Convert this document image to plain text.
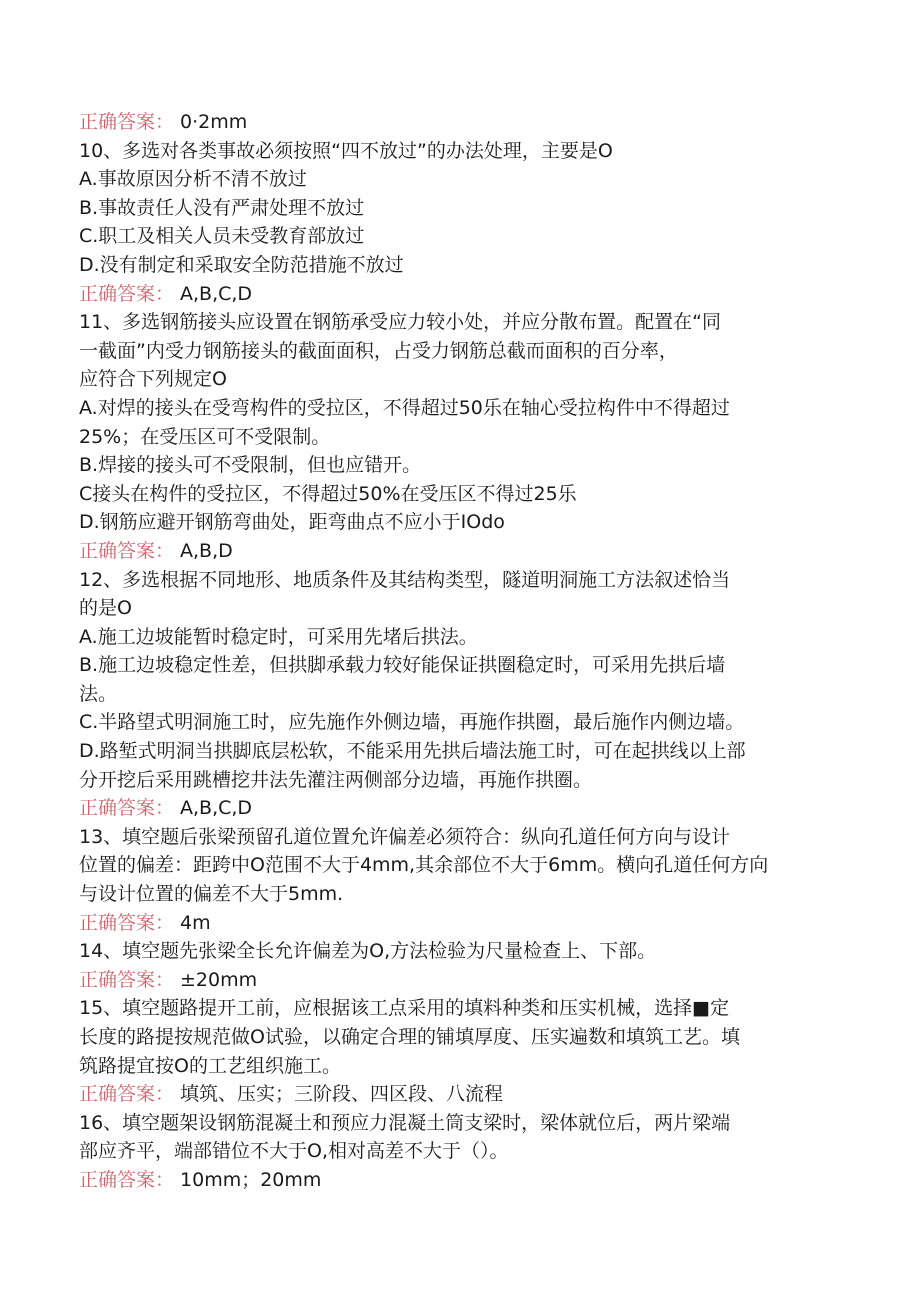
正确答案： 0·2mm
10、多选对各类事故必须按照“四不放过”的办法处理，主要是O
A.事故原因分析不清不放过
B.事故责任人没有严肃处理不放过
C.职工及相关人员未受教育部放过
D.没有制定和采取安全防范措施不放过
正确答案： A,B,C,D
11、多选钢筋接头应设置在钢筋承受应力较小处，并应分散布置。配置在“同
一截面”内受力钢筋接头的截面面积，占受力钢筋总截而面积的百分率，
应符合下列规定O
A.对焊的接头在受弯构件的受拉区，不得超过50乐在轴心受拉构件中不得超过
25%；在受压区可不受限制。
B.焊接的接头可不受限制，但也应错开。
C接头在构件的受拉区，不得超过50%在受压区不得过25乐
D.钢筋应避开钢筋弯曲处，距弯曲点不应小于IOdo
正确答案： A,B,D
12、多选根据不同地形、地质条件及其结构类型，隧道明洞施工方法叙述恰当
的是O
A.施工边坡能暂时稳定时，可采用先堵后拱法。
B.施工边坡稳定性差，但拱脚承载力较好能保证拱圈稳定时，可采用先拱后墙
法。
C.半路望式明洞施工时，应先施作外侧边墙，再施作拱圈，最后施作内侧边墙。
D.路堑式明洞当拱脚底层松软，不能采用先拱后墙法施工时，可在起拱线以上部
分开挖后采用跳槽挖井法先灌注两侧部分边墙，再施作拱圈。
正确答案： A,B,C,D
13、填空题后张梁预留孔道位置允许偏差必须符合：纵向孔道任何方向与设计
位置的偏差：距跨中O范围不大于4mm,其余部位不大于6mm。横向孔道任何方向
与设计位置的偏差不大于5mm.
正确答案： 4m
14、填空题先张梁全长允许偏差为O,方法检验为尺量检查上、下部。
正确答案： ±20mm
15、填空题路提开工前，应根据该工点采用的填料种类和压实机械，选择■定
长度的路提按规范做O试验，以确定合理的铺填厚度、压实遍数和填筑工艺。填
筑路提宜按O的工艺组织施工。
正确答案： 填筑、压实；三阶段、四区段、八流程
16、填空题架设钢筋混凝土和预应力混凝土筒支梁时，梁体就位后，两片梁端
部应齐平，端部错位不大于O,相对高差不大于（）。
正确答案： 10mm；20mm
